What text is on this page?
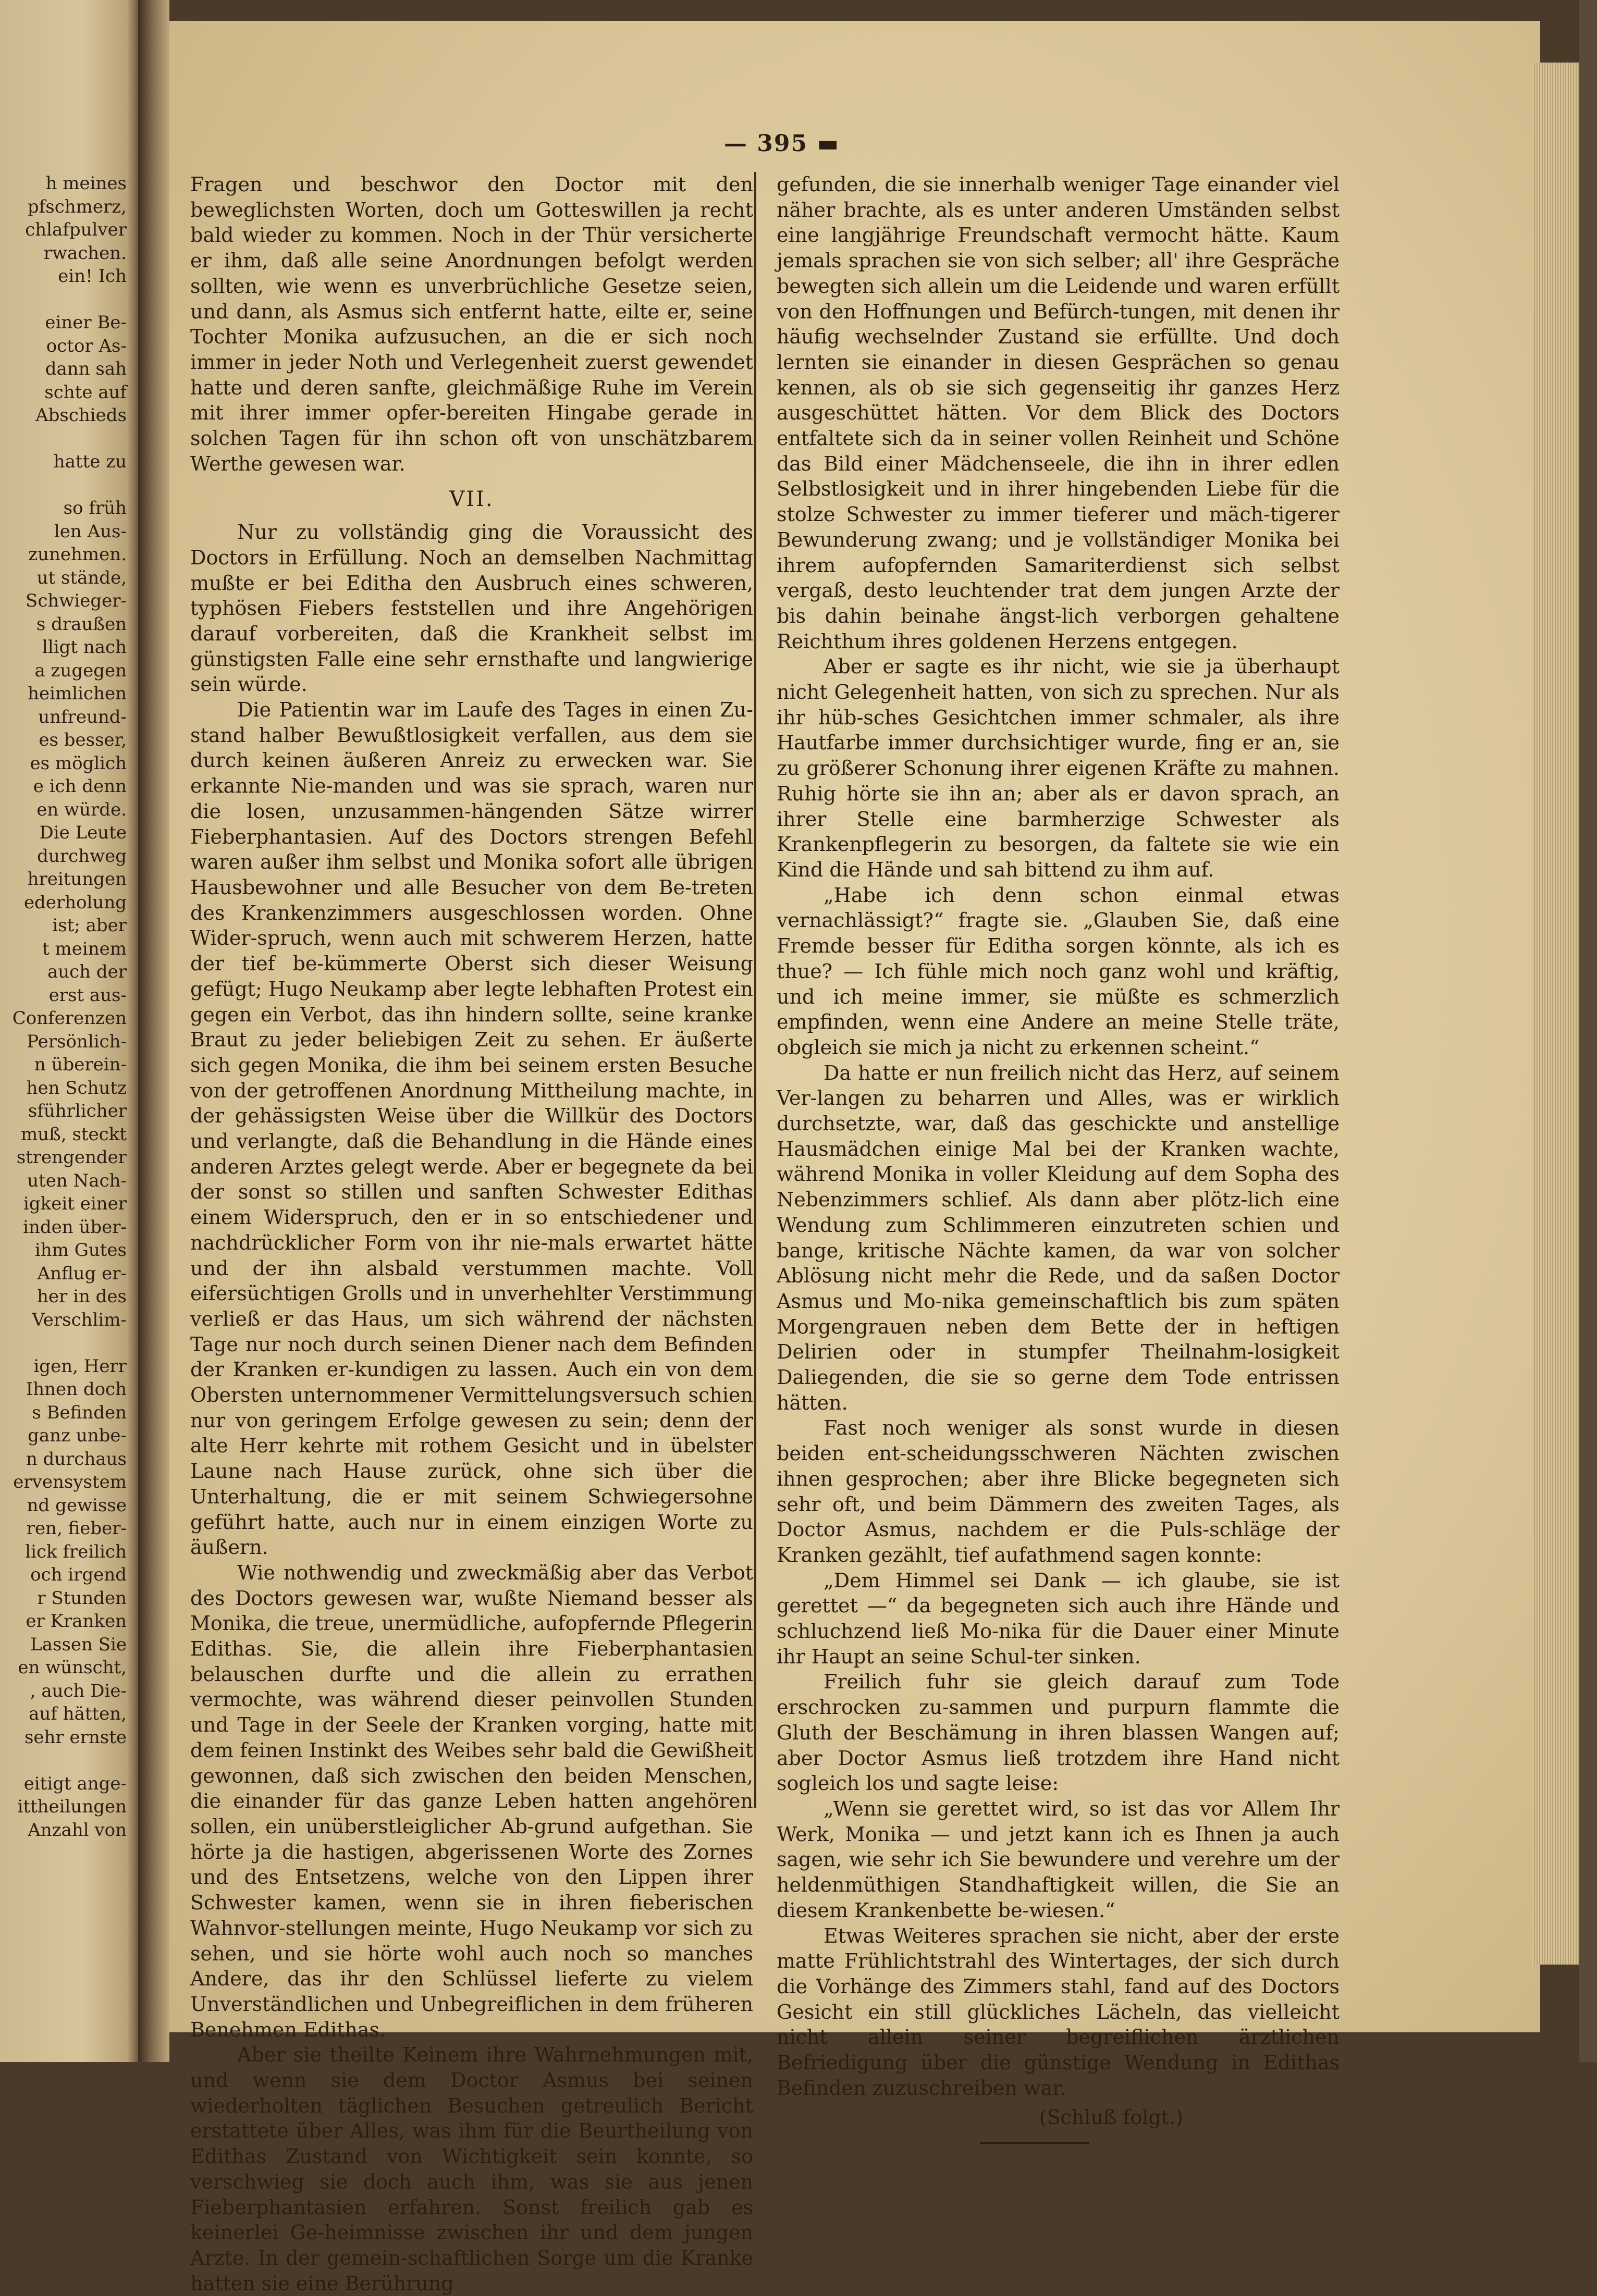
h meines
pfschmerz,
chlafpulver
rwachen.
ein! Ich
einer Be-
octor As-
dann sah
schte auf
Abschieds
hatte zu
so früh
len Aus-
zunehmen.
ut stände,
Schwieger-
s draußen
lligt nach
a zugegen
heimlichen
unfreund-
es besser,
es möglich
e ich denn
en würde.
Die Leute
durchweg
hreitungen
ederholung
ist; aber
t meinem
auch der
erst aus-
Conferenzen
Persönlich-
n überein-
hen Schutz
sführlicher
muß, steckt
strengender
uten Nach-
igkeit einer
inden über-
ihm Gutes
Anflug er-
her in des
Verschlim-
igen, Herr
Ihnen doch
s Befinden
ganz unbe-
n durchaus
ervensystem
nd gewisse
ren, fieber-
lick freilich
och irgend
r Stunden
er Kranken
Lassen Sie
en wünscht,
, auch Die-
auf hätten,
sehr ernste
eitigt ange-
ittheilungen
Anzahl von
— 395 ▬

Fragen und beschwor den Doctor mit den beweglichsten Worten, doch um Gotteswillen ja recht bald wieder zu kommen. Noch in der Thür versicherte er ihm, daß alle seine Anordnungen befolgt werden sollten, wie wenn es unverbrüchliche Gesetze seien, und dann, als Asmus sich entfernt hatte, eilte er, seine Tochter Monika aufzusuchen, an die er sich noch immer in jeder Noth und Verlegenheit zuerst gewendet hatte und deren sanfte, gleichmäßige Ruhe im Verein mit ihrer immer opfer-bereiten Hingabe gerade in solchen Tagen für ihn schon oft von unschätzbarem Werthe gewesen war.

VII.

Nur zu vollständig ging die Voraussicht des Doctors in Erfüllung. Noch an demselben Nachmittag mußte er bei Editha den Ausbruch eines schweren, typhösen Fiebers feststellen und ihre Angehörigen darauf vorbereiten, daß die Krankheit selbst im günstigsten Falle eine sehr ernsthafte und langwierige sein würde.

Die Patientin war im Laufe des Tages in einen Zu-stand halber Bewußtlosigkeit verfallen, aus dem sie durch keinen äußeren Anreiz zu erwecken war. Sie erkannte Nie-manden und was sie sprach, waren nur die losen, unzusammen-hängenden Sätze wirrer Fieberphantasien. Auf des Doctors strengen Befehl waren außer ihm selbst und Monika sofort alle übrigen Hausbewohner und alle Besucher von dem Be-treten des Krankenzimmers ausgeschlossen worden. Ohne Wider-spruch, wenn auch mit schwerem Herzen, hatte der tief be-kümmerte Oberst sich dieser Weisung gefügt; Hugo Neukamp aber legte lebhaften Protest ein gegen ein Verbot, das ihn hindern sollte, seine kranke Braut zu jeder beliebigen Zeit zu sehen. Er äußerte sich gegen Monika, die ihm bei seinem ersten Besuche von der getroffenen Anordnung Mittheilung machte, in der gehässigsten Weise über die Willkür des Doctors und verlangte, daß die Behandlung in die Hände eines anderen Arztes gelegt werde. Aber er begegnete da bei der sonst so stillen und sanften Schwester Edithas einem Widerspruch, den er in so entschiedener und nachdrücklicher Form von ihr nie-mals erwartet hätte und der ihn alsbald verstummen machte. Voll eifersüchtigen Grolls und in unverhehlter Verstimmung verließ er das Haus, um sich während der nächsten Tage nur noch durch seinen Diener nach dem Befinden der Kranken er-kundigen zu lassen. Auch ein von dem Obersten unternommener Vermittelungsversuch schien nur von geringem Erfolge gewesen zu sein; denn der alte Herr kehrte mit rothem Gesicht und in übelster Laune nach Hause zurück, ohne sich über die Unterhaltung, die er mit seinem Schwiegersohne geführt hatte, auch nur in einem einzigen Worte zu äußern.

Wie nothwendig und zweckmäßig aber das Verbot des Doctors gewesen war, wußte Niemand besser als Monika, die treue, unermüdliche, aufopfernde Pflegerin Edithas. Sie, die allein ihre Fieberphantasien belauschen durfte und die allein zu errathen vermochte, was während dieser peinvollen Stunden und Tage in der Seele der Kranken vorging, hatte mit dem feinen Instinkt des Weibes sehr bald die Gewißheit gewonnen, daß sich zwischen den beiden Menschen, die einander für das ganze Leben hatten angehören sollen, ein unüberstleiglicher Ab-grund aufgethan. Sie hörte ja die hastigen, abgerissenen Worte des Zornes und des Entsetzens, welche von den Lippen ihrer Schwester kamen, wenn sie in ihren fieberischen Wahnvor-stellungen meinte, Hugo Neukamp vor sich zu sehen, und sie hörte wohl auch noch so manches Andere, das ihr den Schlüssel lieferte zu vielem Unverständlichen und Unbegreiflichen in dem früheren Benehmen Edithas.

Aber sie theilte Keinem ihre Wahrnehmungen mit, und wenn sie dem Doctor Asmus bei seinen wiederholten täglichen Besuchen getreulich Bericht erstattete über Alles, was ihm für die Beurtheilung von Edithas Zustand von Wichtigkeit sein konnte, so verschwieg sie doch auch ihm, was sie aus jenen Fieberphantasien erfahren. Sonst freilich gab es keinerlei Ge-heimnisse zwischen ihr und dem jungen Arzte. In der gemein-schaftlichen Sorge um die Kranke hatten sie eine Berührung

gefunden, die sie innerhalb weniger Tage einander viel näher brachte, als es unter anderen Umständen selbst eine langjährige Freundschaft vermocht hätte. Kaum jemals sprachen sie von sich selber; all' ihre Gespräche bewegten sich allein um die Leidende und waren erfüllt von den Hoffnungen und Befürch-tungen, mit denen ihr häufig wechselnder Zustand sie erfüllte. Und doch lernten sie einander in diesen Gesprächen so genau kennen, als ob sie sich gegenseitig ihr ganzes Herz ausgeschüttet hätten. Vor dem Blick des Doctors entfaltete sich da in seiner vollen Reinheit und Schöne das Bild einer Mädchenseele, die ihn in ihrer edlen Selbstlosigkeit und in ihrer hingebenden Liebe für die stolze Schwester zu immer tieferer und mäch-tigerer Bewunderung zwang; und je vollständiger Monika bei ihrem aufopfernden Samariterdienst sich selbst vergaß, desto leuchtender trat dem jungen Arzte der bis dahin beinahe ängst-lich verborgen gehaltene Reichthum ihres goldenen Herzens entgegen.

Aber er sagte es ihr nicht, wie sie ja überhaupt nicht Gelegenheit hatten, von sich zu sprechen. Nur als ihr hüb-sches Gesichtchen immer schmaler, als ihre Hautfarbe immer durchsichtiger wurde, fing er an, sie zu größerer Schonung ihrer eigenen Kräfte zu mahnen. Ruhig hörte sie ihn an; aber als er davon sprach, an ihrer Stelle eine barmherzige Schwester als Krankenpflegerin zu besorgen, da faltete sie wie ein Kind die Hände und sah bittend zu ihm auf.

„Habe ich denn schon einmal etwas vernachlässigt?“ fragte sie. „Glauben Sie, daß eine Fremde besser für Editha sorgen könnte, als ich es thue? — Ich fühle mich noch ganz wohl und kräftig, und ich meine immer, sie müßte es schmerzlich empfinden, wenn eine Andere an meine Stelle träte, obgleich sie mich ja nicht zu erkennen scheint.“

Da hatte er nun freilich nicht das Herz, auf seinem Ver-langen zu beharren und Alles, was er wirklich durchsetzte, war, daß das geschickte und anstellige Hausmädchen einige Mal bei der Kranken wachte, während Monika in voller Kleidung auf dem Sopha des Nebenzimmers schlief. Als dann aber plötz-lich eine Wendung zum Schlimmeren einzutreten schien und bange, kritische Nächte kamen, da war von solcher Ablösung nicht mehr die Rede, und da saßen Doctor Asmus und Mo-nika gemeinschaftlich bis zum späten Morgengrauen neben dem Bette der in heftigen Delirien oder in stumpfer Theilnahm-losigkeit Daliegenden, die sie so gerne dem Tode entrissen hätten.

Fast noch weniger als sonst wurde in diesen beiden ent-scheidungsschweren Nächten zwischen ihnen gesprochen; aber ihre Blicke begegneten sich sehr oft, und beim Dämmern des zweiten Tages, als Doctor Asmus, nachdem er die Puls-schläge der Kranken gezählt, tief aufathmend sagen konnte:

„Dem Himmel sei Dank — ich glaube, sie ist gerettet —“ da begegneten sich auch ihre Hände und schluchzend ließ Mo-nika für die Dauer einer Minute ihr Haupt an seine Schul-ter sinken.

Freilich fuhr sie gleich darauf zum Tode erschrocken zu-sammen und purpurn flammte die Gluth der Beschämung in ihren blassen Wangen auf; aber Doctor Asmus ließ trotzdem ihre Hand nicht sogleich los und sagte leise:

„Wenn sie gerettet wird, so ist das vor Allem Ihr Werk, Monika — und jetzt kann ich es Ihnen ja auch sagen, wie sehr ich Sie bewundere und verehre um der heldenmüthigen Standhaftigkeit willen, die Sie an diesem Krankenbette be-wiesen.“

Etwas Weiteres sprachen sie nicht, aber der erste matte Frühlichtstrahl des Wintertages, der sich durch die Vorhänge des Zimmers stahl, fand auf des Doctors Gesicht ein still glückliches Lächeln, das vielleicht nicht allein seiner begreiflichen ärztlichen Befriedigung über die günstige Wendung in Edithas Befinden zuzuschreiben war.

(Schluß folgt.)
